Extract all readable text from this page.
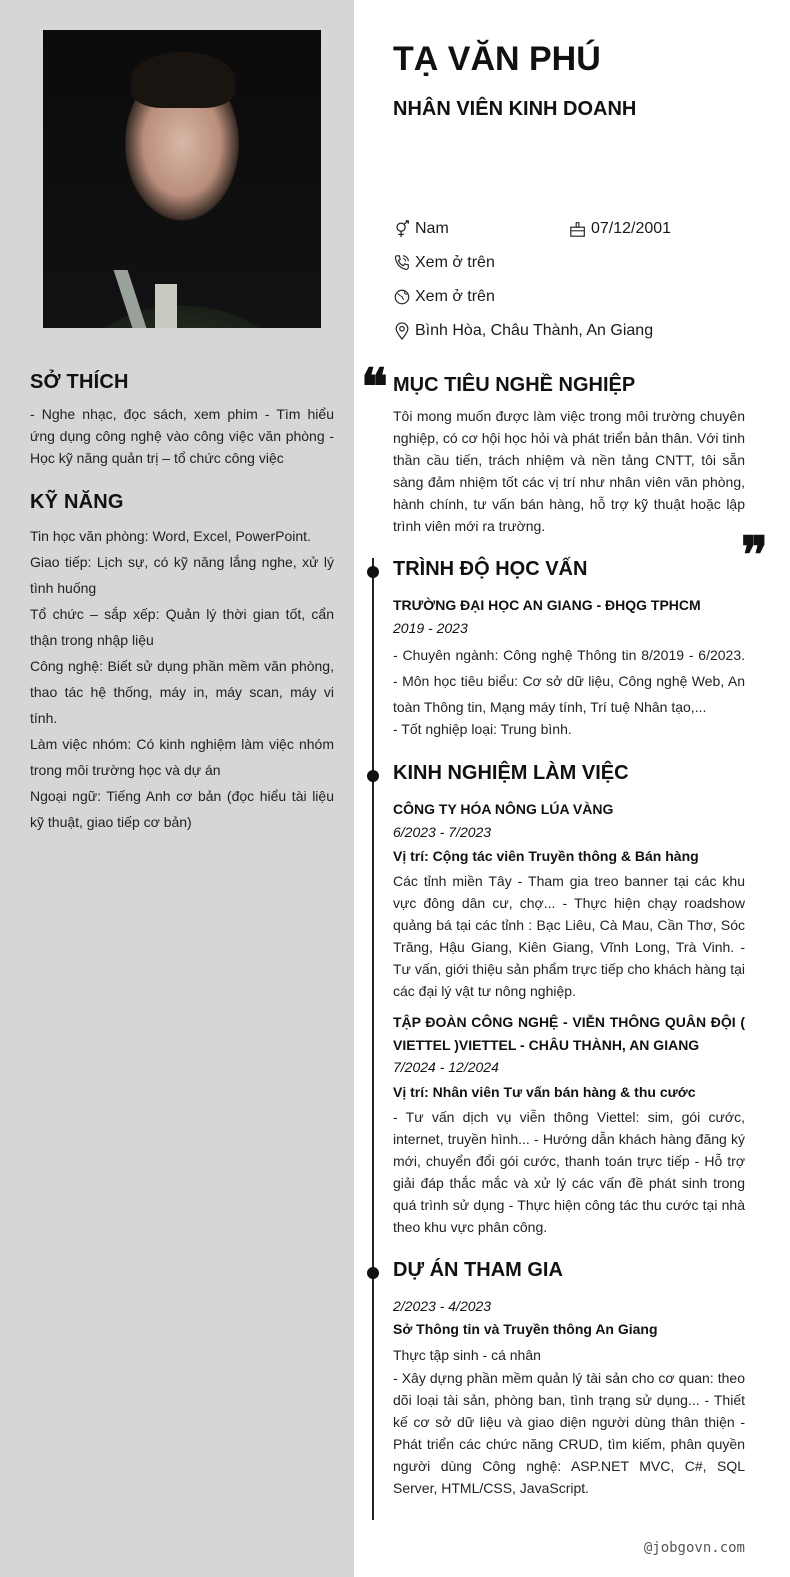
SỞ THÍCH

- Nghe nhạc, đọc sách, xem phim - Tìm hiểu ứng dụng công nghệ vào công việc văn phòng - Học kỹ năng quản trị – tổ chức công việc

KỸ NĂNG

Tin học văn phòng: Word, Excel, PowerPoint.

Giao tiếp: Lịch sự, có kỹ năng lắng nghe, xử lý tình huống

Tổ chức – sắp xếp: Quản lý thời gian tốt, cẩn thận trong nhập liệu

Công nghệ: Biết sử dụng phần mềm văn phòng, thao tác hệ thống, máy in, máy scan, máy vi tính.

Làm việc nhóm: Có kinh nghiệm làm việc nhóm trong môi trường học và dự án

Ngoại ngữ: Tiếng Anh cơ bản (đọc hiểu tài liệu kỹ thuật, giao tiếp cơ bản)

TẠ VĂN PHÚ
NHÂN VIÊN KINH DOANH
Nam	07/12/2001
Xem ở trên
Xem ở trên
Bình Hòa, Châu Thành, An Giang
❝ MỤC TIÊU NGHỀ NGHIỆP

Tôi mong muốn được làm việc trong môi trường chuyên nghiệp, có cơ hội học hỏi và phát triển bản thân. Với tinh thần cầu tiến, trách nhiệm và nền tảng CNTT, tôi sẵn sàng đảm nhiệm tốt các vị trí như nhân viên văn phòng, hành chính, tư vấn bán hàng, hỗ trợ kỹ thuật hoặc lập trình viên mới ra trường.	❞
TRÌNH ĐỘ HỌC VẤN

TRƯỜNG ĐẠI HỌC AN GIANG - ĐHQG TPHCM

2019 - 2023

- Chuyên ngành: Công nghệ Thông tin 8/2019 - 6/2023. - Môn học tiêu biểu: Cơ sở dữ liệu, Công nghệ Web, An toàn Thông tin, Mạng máy tính, Trí tuệ Nhân tạo,...

- Tốt nghiệp loại: Trung bình.

KINH NGHIỆM LÀM VIỆC

CÔNG TY HÓA NÔNG LÚA VÀNG

6/2023 - 7/2023

Vị trí: Cộng tác viên Truyền thông & Bán hàng

Các tỉnh miền Tây - Tham gia treo banner tại các khu vực đông dân cư, chợ... - Thực hiện chạy roadshow quảng bá tại các tỉnh : Bạc Liêu, Cà Mau, Cần Thơ, Sóc Trăng, Hậu Giang, Kiên Giang, Vĩnh Long, Trà Vinh. - Tư vấn, giới thiệu sản phẩm trực tiếp cho khách hàng tại các đại lý vật tư nông nghiệp.

TẬP ĐOÀN CÔNG NGHỆ - VIỄN THÔNG QUÂN ĐỘI ( VIETTEL )VIETTEL - CHÂU THÀNH, AN GIANG

7/2024 - 12/2024

Vị trí: Nhân viên Tư vấn bán hàng & thu cước

- Tư vấn dịch vụ viễn thông Viettel: sim, gói cước, internet, truyền hình... - Hướng dẫn khách hàng đăng ký mới, chuyển đổi gói cước, thanh toán trực tiếp - Hỗ trợ giải đáp thắc mắc và xử lý các vấn đề phát sinh trong quá trình sử dụng - Thực hiện công tác thu cước tại nhà theo khu vực phân công.

DỰ ÁN THAM GIA

2/2023 - 4/2023

Sở Thông tin và Truyền thông An Giang

Thực tập sinh - cá nhân

- Xây dựng phần mềm quản lý tài sản cho cơ quan: theo dõi loại tài sản, phòng ban, tình trạng sử dụng... - Thiết kế cơ sở dữ liệu và giao diện người dùng thân thiện - Phát triển các chức năng CRUD, tìm kiếm, phân quyền người dùng Công nghệ: ASP.NET MVC, C#, SQL Server, HTML/CSS, JavaScript.

@jobgovn.com
